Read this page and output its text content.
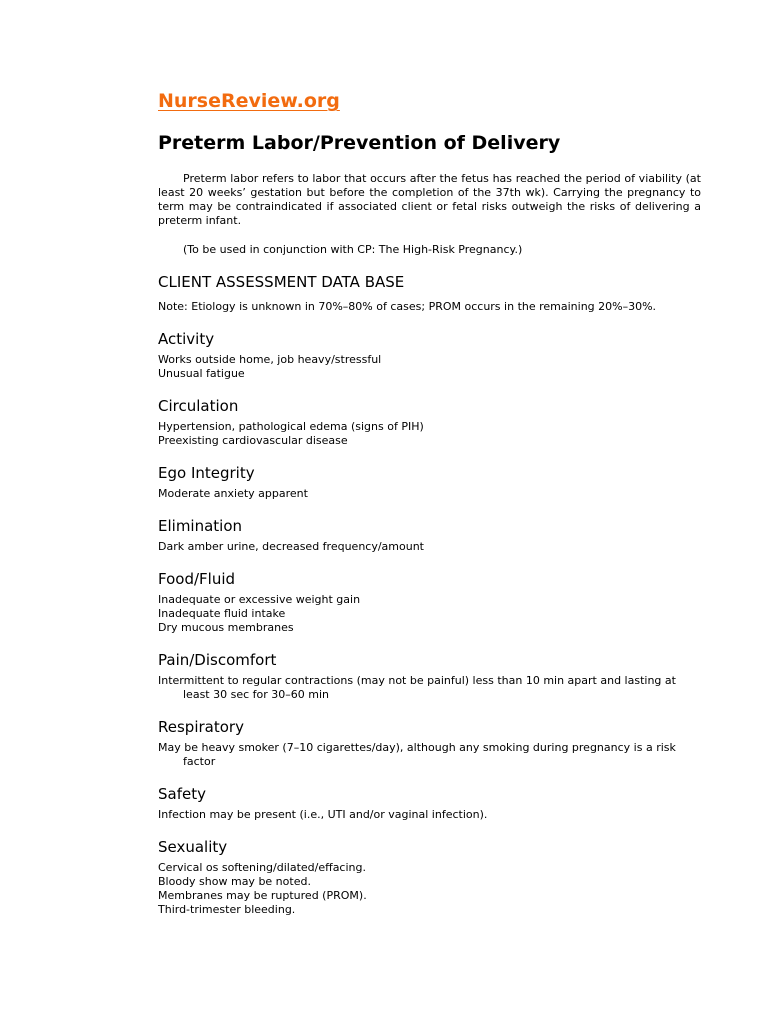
NurseReview.org
Preterm Labor/Prevention of Delivery

Preterm labor refers to labor that occurs after the fetus has reached the period of viability (at least 20 weeks’ gestation but before the completion of the 37th wk). Carrying the pregnancy to term may be contraindicated if associated client or fetal risks outweigh the risks of delivering a preterm infant.

(To be used in conjunction with CP: The High-Risk Pregnancy.)

CLIENT ASSESSMENT DATA BASE

Note: Etiology is unknown in 70%–80% of cases; PROM occurs in the remaining 20%–30%.

Activity
Works outside home, job heavy/stressful
Unusual fatigue
Circulation
Hypertension, pathological edema (signs of PIH)
Preexisting cardiovascular disease
Ego Integrity
Moderate anxiety apparent
Elimination
Dark amber urine, decreased frequency/amount
Food/Fluid
Inadequate or excessive weight gain
Inadequate fluid intake
Dry mucous membranes
Pain/Discomfort
Intermittent to regular contractions (may not be painful) less than 10 min apart and lasting at least 30 sec for 30–60 min
Respiratory
May be heavy smoker (7–10 cigarettes/day), although any smoking during pregnancy is a risk factor
Safety
Infection may be present (i.e., UTI and/or vaginal infection).
Sexuality
Cervical os softening/dilated/effacing.
Bloody show may be noted.
Membranes may be ruptured (PROM).
Third-trimester bleeding.
